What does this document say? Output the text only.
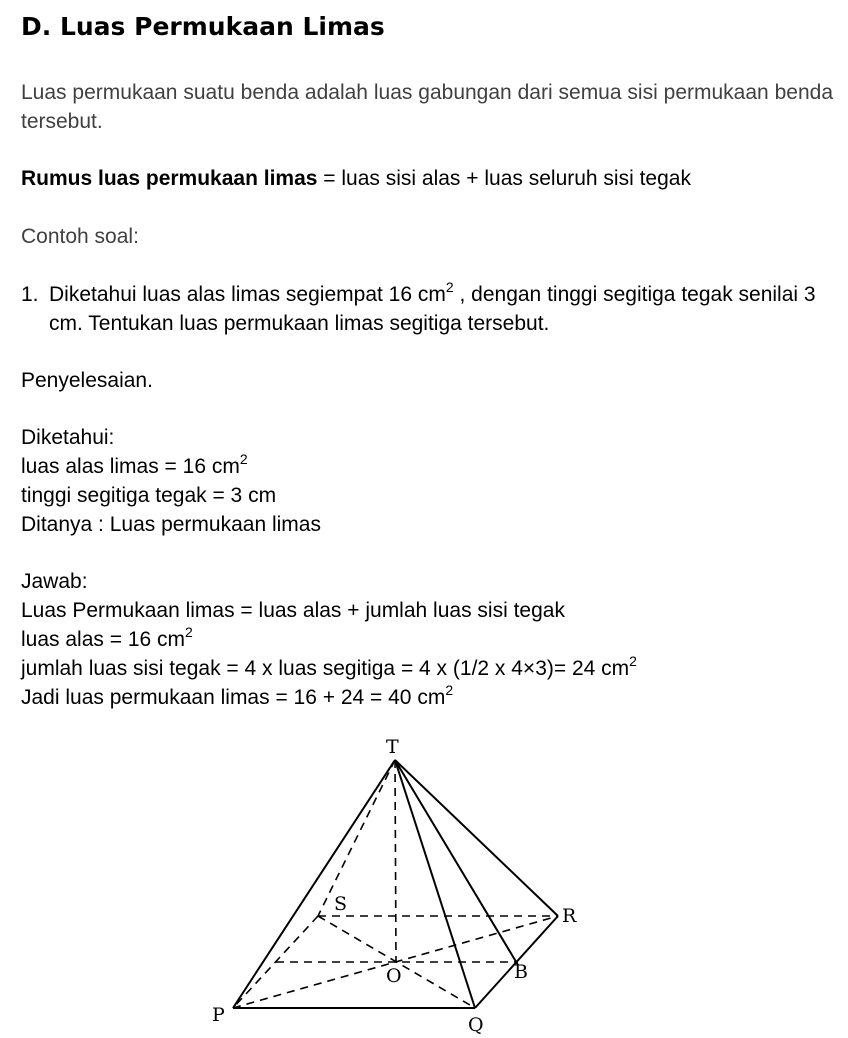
D. Luas Permukaan Limas

Luas permukaan suatu benda adalah luas gabungan dari semua sisi permukaan benda tersebut.

Rumus luas permukaan limas = luas sisi alas + luas seluruh sisi tegak

Contoh soal:

1. Diketahui luas alas limas segiempat 16 $cm^2$ , dengan tinggi segitiga tegak senilai 3 cm. Tentukan luas permukaan limas segitiga tersebut.

Penyelesaian.

Diketahui:

luas alas limas = 16 $cm^2$

tinggi segitiga tegak = 3 cm

Ditanya : Luas permukaan limas

Jawab:

Luas Permukaan limas = luas alas + jumlah luas sisi tegak

luas alas = 16 $cm^2$

jumlah luas sisi tegak = 4 x luas segitiga = 4 x (1/2 x 4×3)= 24 $cm^2$

Jadi luas permukaan limas = 16 + 24 = 40 $cm^2$

T
S
R
O	B
P	Q
